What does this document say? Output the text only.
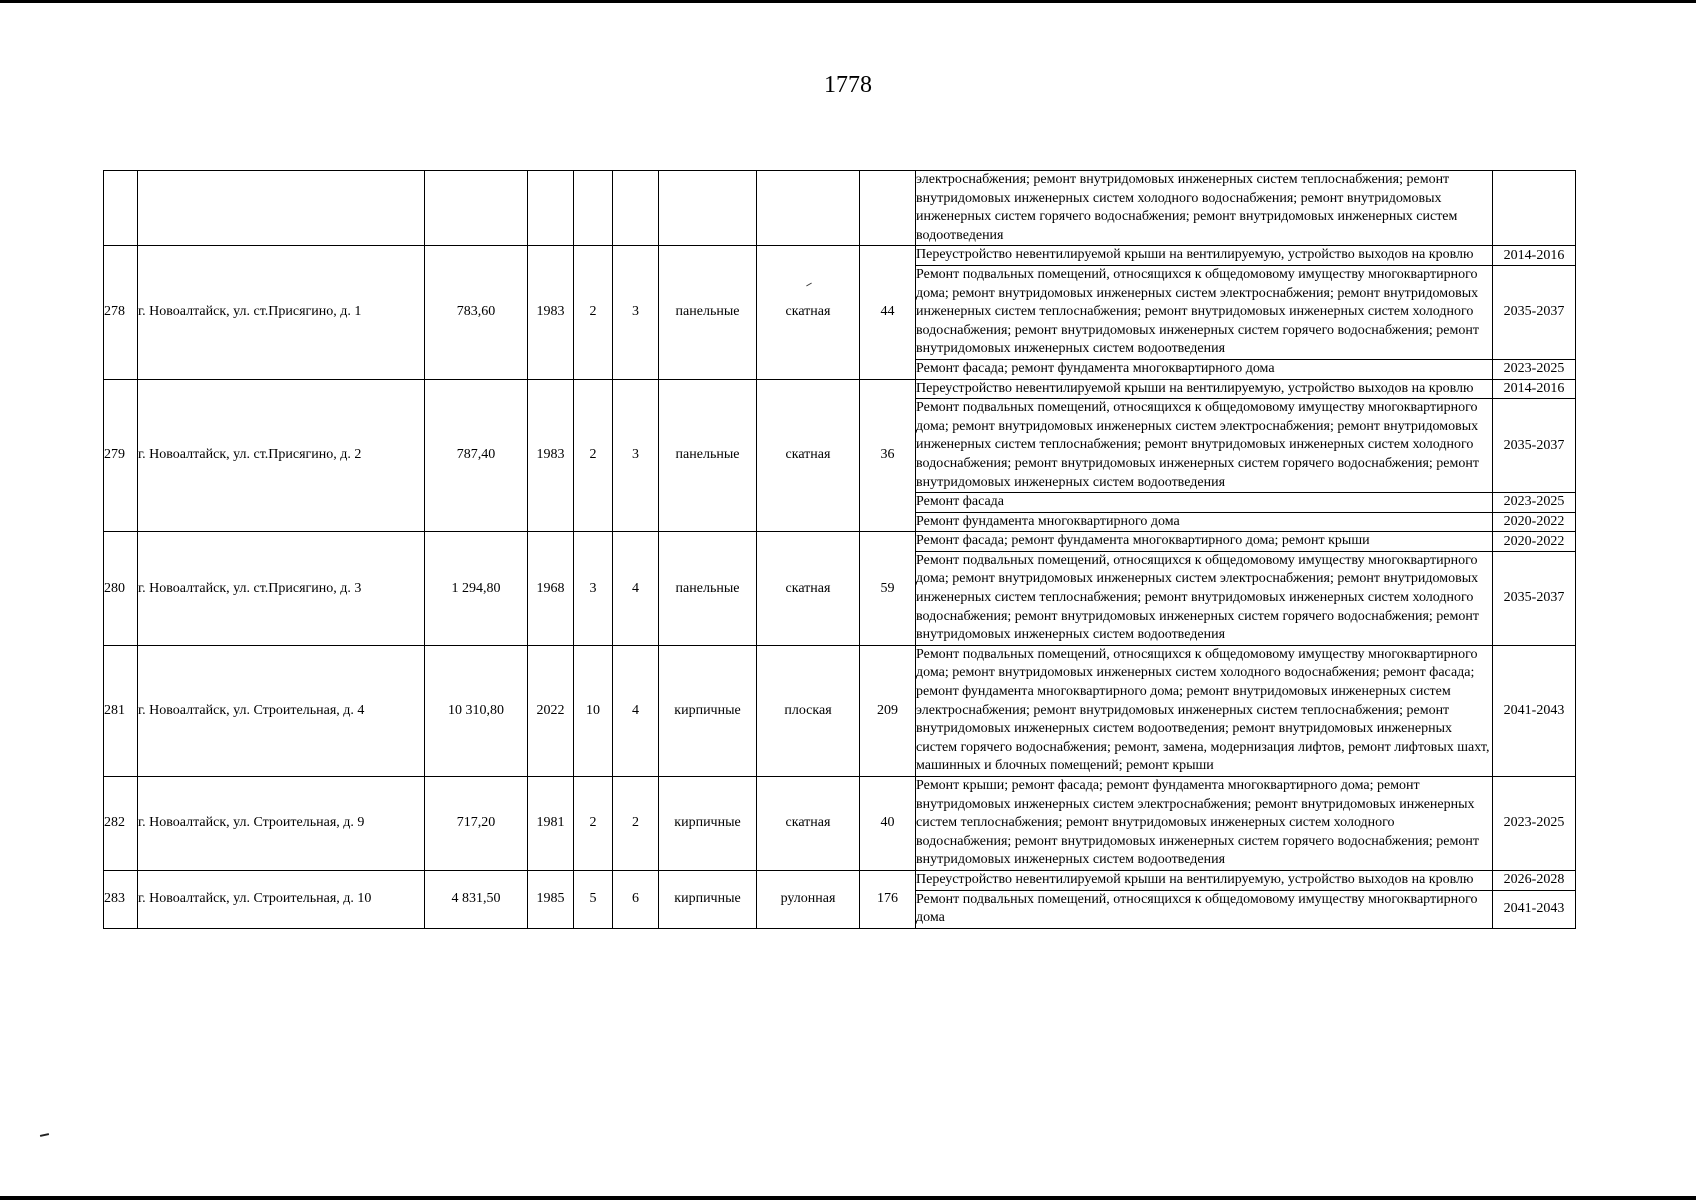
1778
									электроснабжения; ремонт внутридомовых инженерных систем теплоснабжения; ремонт внутридомовых инженерных систем холодного водоснабжения; ремонт внутридомовых инженерных систем горячего водоснабжения; ремонт внутридомовых инженерных систем водоотведения	
278	г. Новоалтайск, ул. ст.Присягино, д. 1	783,60	1983	2	3	панельные	скатная	44	Переустройство невентилируемой крыши на вентилируемую, устройство выходов на кровлю	2014-2016
									Ремонт подвальных помещений, относящихся к общедомовому имуществу многоквартирного дома; ремонт внутридомовых инженерных систем электроснабжения; ремонт внутридомовых инженерных систем теплоснабжения; ремонт внутридомовых инженерных систем холодного водоснабжения; ремонт внутридомовых инженерных систем горячего водоснабжения; ремонт внутридомовых инженерных систем водоотведения	2035-2037
									Ремонт фасада; ремонт фундамента многоквартирного дома	2023-2025
279	г. Новоалтайск, ул. ст.Присягино, д. 2	787,40	1983	2	3	панельные	скатная	36	Переустройство невентилируемой крыши на вентилируемую, устройство выходов на кровлю	2014-2016
									Ремонт подвальных помещений, относящихся к общедомовому имуществу многоквартирного дома; ремонт внутридомовых инженерных систем электроснабжения; ремонт внутридомовых инженерных систем теплоснабжения; ремонт внутридомовых инженерных систем холодного водоснабжения; ремонт внутридомовых инженерных систем горячего водоснабжения; ремонт внутридомовых инженерных систем водоотведения	2035-2037
									Ремонт фасада	2023-2025
									Ремонт фундамента многоквартирного дома	2020-2022
280	г. Новоалтайск, ул. ст.Присягино, д. 3	1 294,80	1968	3	4	панельные	скатная	59	Ремонт фасада; ремонт фундамента многоквартирного дома; ремонт крыши	2020-2022
									Ремонт подвальных помещений, относящихся к общедомовому имуществу многоквартирного дома; ремонт внутридомовых инженерных систем электроснабжения; ремонт внутридомовых инженерных систем теплоснабжения; ремонт внутридомовых инженерных систем холодного водоснабжения; ремонт внутридомовых инженерных систем горячего водоснабжения; ремонт внутридомовых инженерных систем водоотведения	2035-2037
281	г. Новоалтайск, ул. Строительная, д. 4	10 310,80	2022	10	4	кирпичные	плоская	209	Ремонт подвальных помещений, относящихся к общедомовому имуществу многоквартирного дома; ремонт внутридомовых инженерных систем холодного водоснабжения; ремонт фасада; ремонт фундамента многоквартирного дома; ремонт внутридомовых инженерных систем электроснабжения; ремонт внутридомовых инженерных систем теплоснабжения; ремонт внутридомовых инженерных систем водоотведения; ремонт внутридомовых инженерных систем горячего водоснабжения; ремонт, замена, модернизация лифтов, ремонт лифтовых шахт, машинных и блочных помещений; ремонт крыши	2041-2043
282	г. Новоалтайск, ул. Строительная, д. 9	717,20	1981	2	2	кирпичные	скатная	40	Ремонт крыши; ремонт фасада; ремонт фундамента многоквартирного дома; ремонт внутридомовых инженерных систем электроснабжения; ремонт внутридомовых инженерных систем теплоснабжения; ремонт внутридомовых инженерных систем холодного водоснабжения; ремонт внутридомовых инженерных систем горячего водоснабжения; ремонт внутридомовых инженерных систем водоотведения	2023-2025
283	г. Новоалтайск, ул. Строительная, д. 10	4 831,50	1985	5	6	кирпичные	рулонная	176	Переустройство невентилируемой крыши на вентилируемую, устройство выходов на кровлю	2026-2028
									Ремонт подвальных помещений, относящихся к общедомовому имуществу многоквартирного дома	2041-2043
